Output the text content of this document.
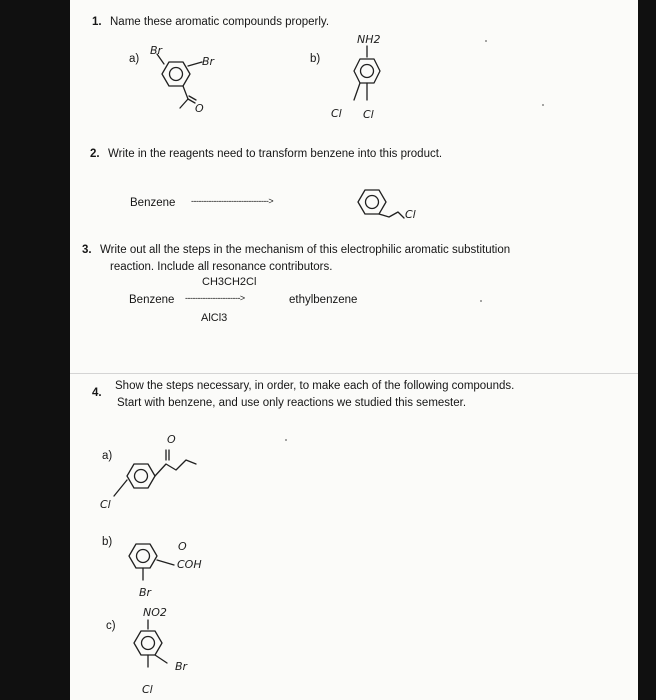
1. Name these aromatic compounds properly.
a)
Br
Br
O
b)
NH2
Cl Cl
2. Write in the reagents need to transform benzene into this product.
Benzene ------------------------------->
Cl
3. Write out all the steps in the mechanism of this electrophilic aromatic substitution
reaction. Include all resonance contributors.
CH3CH2Cl
Benzene ---------------------->	ethylbenzene
AlCl3
4.
Show the steps necessary, in order, to make each of the following compounds.
Start with benzene, and use only reactions we studied this semester.
a)
O
Cl
b)	O
COH
Br
c)
NO2
Br
Cl
